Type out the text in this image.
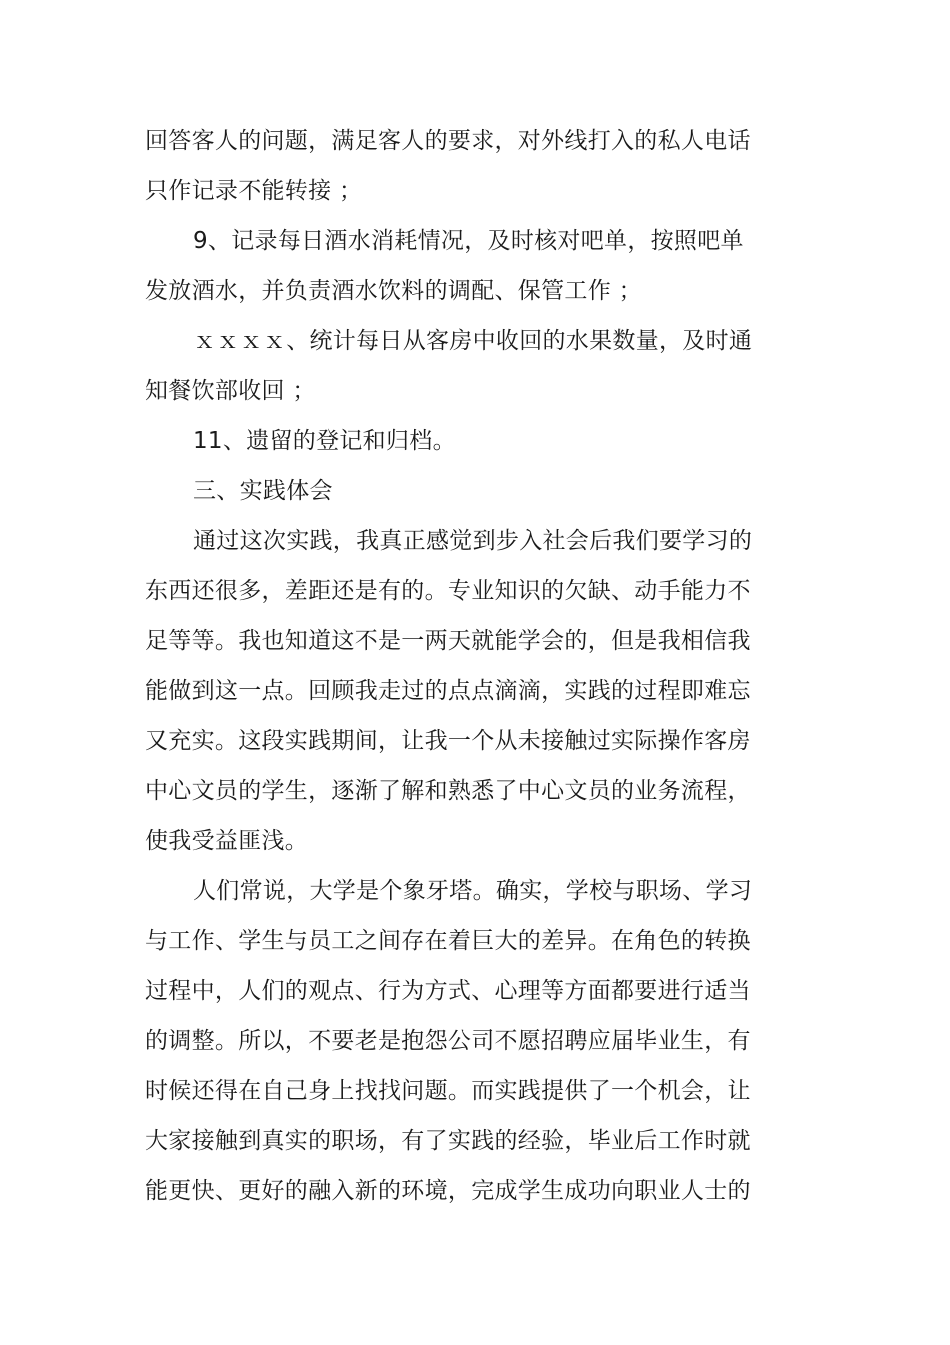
回答客人的问题，满足客人的要求，对外线打入的私人电话
只作记录不能转接 ；
9、记录每日酒水消耗情况，及时核对吧单，按照吧单
发放酒水，并负责酒水饮料的调配、保管工作 ；
ｘｘｘｘ、统计每日从客房中收回的水果数量，及时通
知餐饮部收回 ；
11、遗留的登记和归档。
三、实践体会
通过这次实践，我真正感觉到步入社会后我们要学习的
东西还很多，差距还是有的。专业知识的欠缺、动手能力不
足等等。我也知道这不是一两天就能学会的，但是我相信我
能做到这一点。回顾我走过的点点滴滴，实践的过程即难忘
又充实。这段实践期间，让我一个从未接触过实际操作客房
中心文员的学生，逐渐了解和熟悉了中心文员的业务流程，
使我受益匪浅。
人们常说，大学是个象牙塔。确实，学校与职场、学习
与工作、学生与员工之间存在着巨大的差异。在角色的转换
过程中，人们的观点、行为方式、心理等方面都要进行适当
的调整。所以，不要老是抱怨公司不愿招聘应届毕业生，有
时候还得在自己身上找找问题。而实践提供了一个机会，让
大家接触到真实的职场，有了实践的经验，毕业后工作时就
能更快、更好的融入新的环境，完成学生成功向职业人士的
